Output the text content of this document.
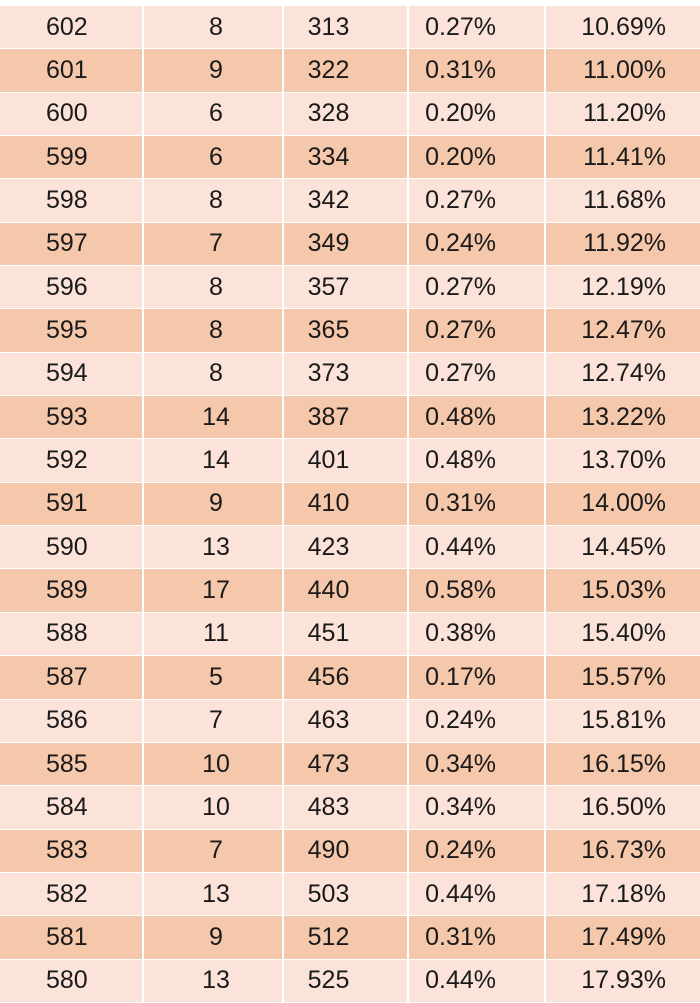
602	8	313	0.27%	10.69%
601	9	322	0.31%	11.00%
600	6	328	0.20%	11.20%
599	6	334	0.20%	11.41%
598	8	342	0.27%	11.68%
597	7	349	0.24%	11.92%
596	8	357	0.27%	12.19%
595	8	365	0.27%	12.47%
594	8	373	0.27%	12.74%
593	14	387	0.48%	13.22%
592	14	401	0.48%	13.70%
591	9	410	0.31%	14.00%
590	13	423	0.44%	14.45%
589	17	440	0.58%	15.03%
588	11	451	0.38%	15.40%
587	5	456	0.17%	15.57%
586	7	463	0.24%	15.81%
585	10	473	0.34%	16.15%
584	10	483	0.34%	16.50%
583	7	490	0.24%	16.73%
582	13	503	0.44%	17.18%
581	9	512	0.31%	17.49%
580	13	525	0.44%	17.93%
